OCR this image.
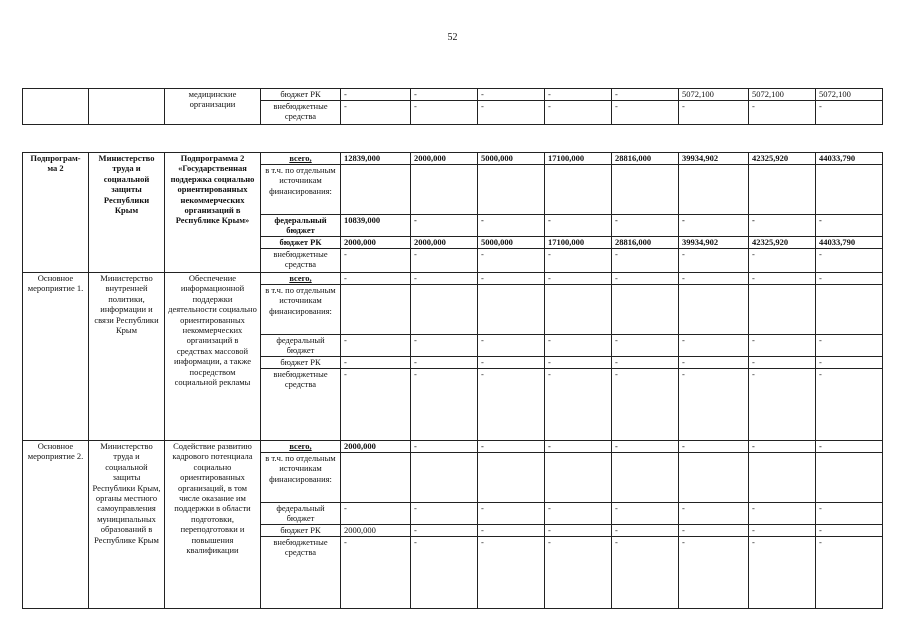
52
		медицинские организации	бюджет РК	-	-	-	-	-	5072,100	5072,100	5072,100
			внебюджетные средства	-	-	-	-	-	-	-	-
Подпрограм-ма 2	Министерство труда и социальной защиты Республики Крым	Подпрограмма 2 «Государственная поддержка социально ориентированных некоммерческих организаций в Республике Крым»	всего,	12839,000	2000,000	5000,000	17100,000	28816,000	39934,902	42325,920	44033,790
			в т.ч. по отдельным источникам финансирования:								
			федеральный бюджет	10839,000	-	-	-	-	-	-	-
			бюджет РК	2000,000	2000,000	5000,000	17100,000	28816,000	39934,902	42325,920	44033,790
			внебюджетные средства	-	-	-	-	-	-	-	-
Основное мероприятие 1.	Министерство внутренней политики, информации и связи Республики Крым	Обеспечение информационной поддержки деятельности социально ориентированных некоммерческих организаций в средствах массовой информации, а также посредством социальной рекламы	всего,	-	-	-	-	-	-	-	-
			в т.ч. по отдельным источникам финансирования:								
			федеральный бюджет	-	-	-	-	-	-	-	-
			бюджет РК	-	-	-	-	-	-	-	-
			внебюджетные средства	-	-	-	-	-	-	-	-
Основное мероприятие 2.	Министерство труда и социальной защиты Республики Крым, органы местного самоуправления муниципальных образований в Республике Крым	Содействие развитию кадрового потенциала социально ориентированных организаций, в том числе оказание им поддержки в области подготовки, переподготовки и повышения квалификации	всего,	2000,000	-	-	-	-	-	-	-
			в т.ч. по отдельным источникам финансирования:								
			федеральный бюджет	-	-	-	-	-	-	-	-
			бюджет РК	2000,000	-	-	-	-	-	-	-
			внебюджетные средства	-	-	-	-	-	-	-	-
